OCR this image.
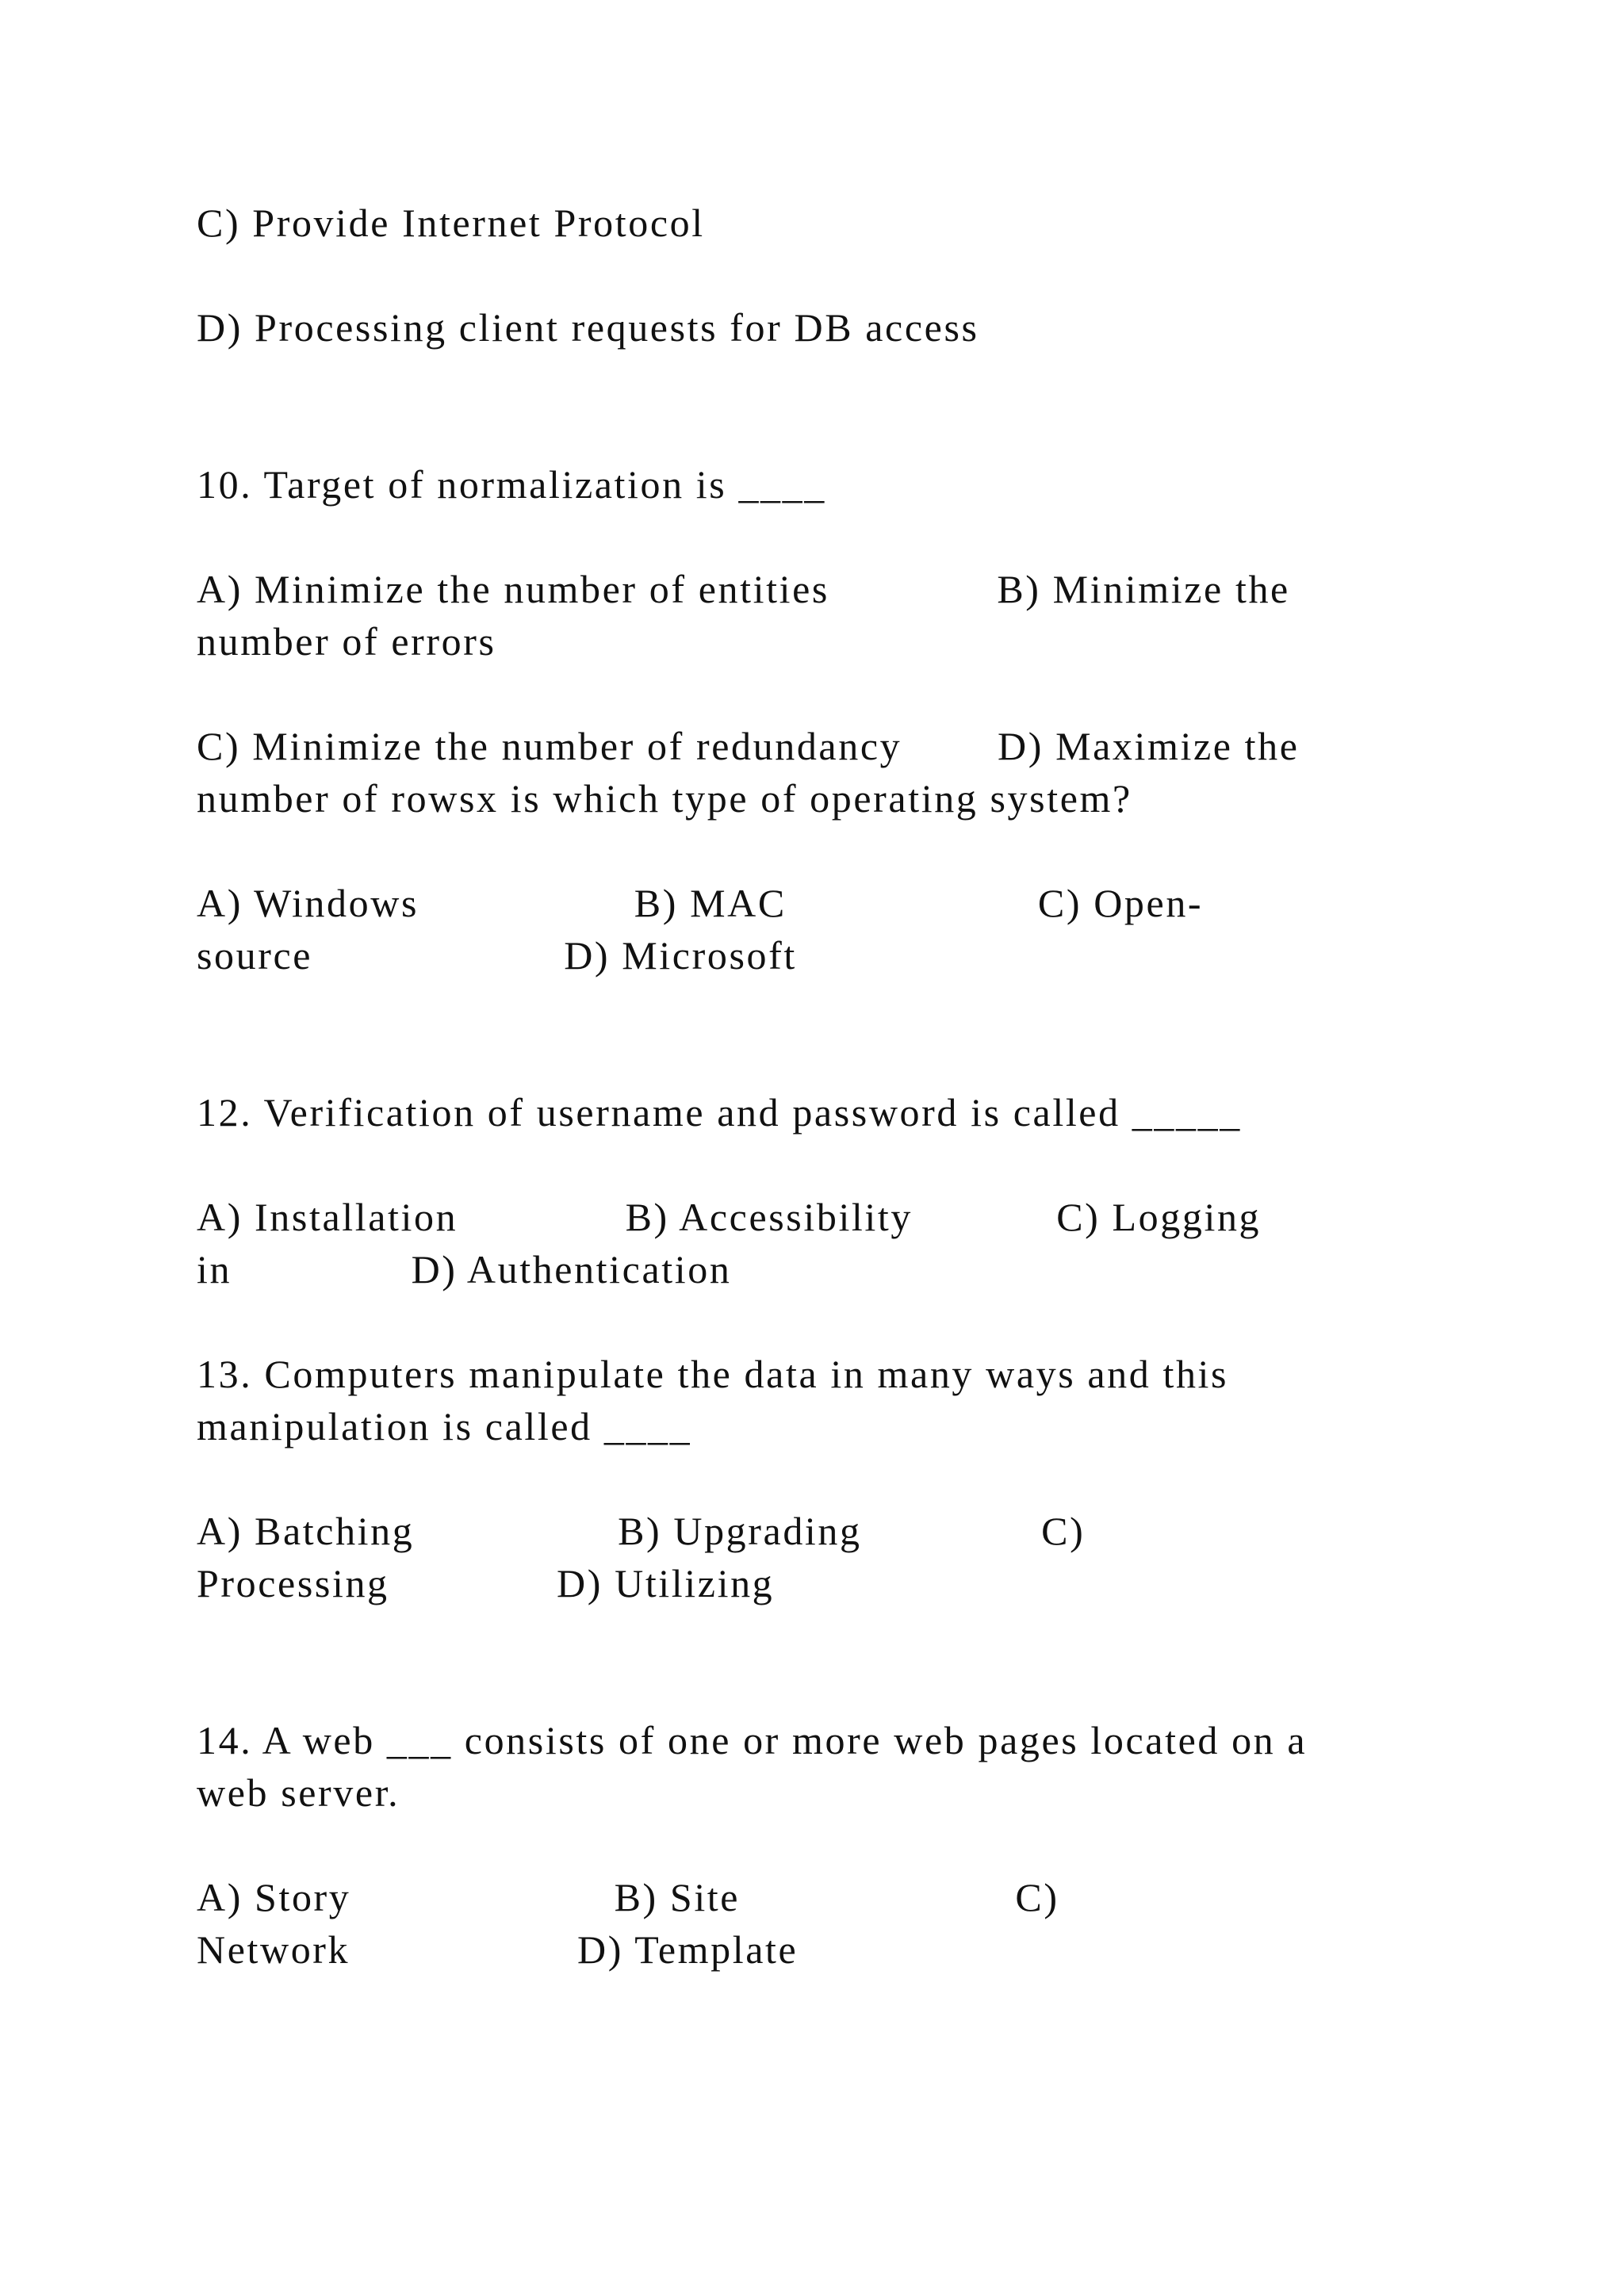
C) Provide Internet Protocol

D) Processing client requests for DB access

10. Target of normalization is ____

A) Minimize the number of entities              B) Minimize the

number of errors

C) Minimize the number of redundancy        D) Maximize the

number of rowsx is which type of operating system?

A) Windows                  B) MAC                     C) Open-

source                     D) Microsoft

12. Verification of username and password is called _____

A) Installation              B) Accessibility            C) Logging

in               D) Authentication

13. Computers manipulate the data in many ways and this

manipulation is called ____

A) Batching                 B) Upgrading               C)

Processing              D) Utilizing

14. A web ___ consists of one or more web pages located on a

web server.

A) Story                      B) Site                       C)

Network                   D) Template
